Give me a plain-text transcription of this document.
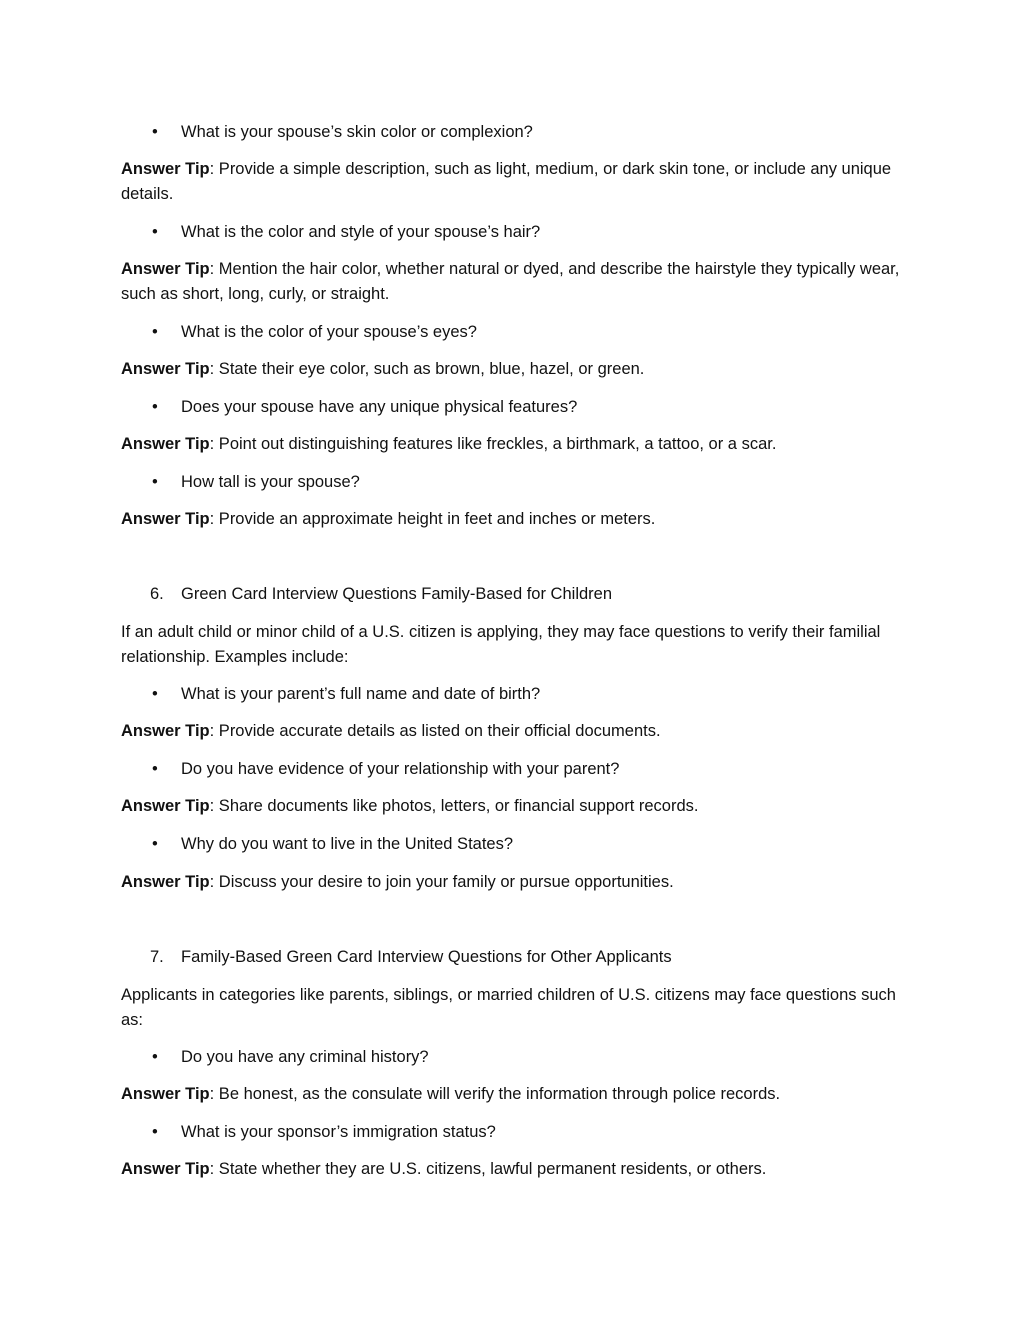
• What is your spouse’s skin color or complexion?

Answer Tip: Provide a simple description, such as light, medium, or dark skin tone, or include any unique details.

• What is the color and style of your spouse’s hair?

Answer Tip: Mention the hair color, whether natural or dyed, and describe the hairstyle they typically wear, such as short, long, curly, or straight.

• What is the color of your spouse’s eyes?

Answer Tip: State their eye color, such as brown, blue, hazel, or green.

• Does your spouse have any unique physical features?

Answer Tip: Point out distinguishing features like freckles, a birthmark, a tattoo, or a scar.

• How tall is your spouse?

Answer Tip: Provide an approximate height in feet and inches or meters.

6. Green Card Interview Questions Family-Based for Children

If an adult child or minor child of a U.S. citizen is applying, they may face questions to verify their familial relationship. Examples include:

• What is your parent’s full name and date of birth?

Answer Tip: Provide accurate details as listed on their official documents.

• Do you have evidence of your relationship with your parent?

Answer Tip: Share documents like photos, letters, or financial support records.

• Why do you want to live in the United States?

Answer Tip: Discuss your desire to join your family or pursue opportunities.

7. Family-Based Green Card Interview Questions for Other Applicants

Applicants in categories like parents, siblings, or married children of U.S. citizens may face questions such as:

• Do you have any criminal history?

Answer Tip: Be honest, as the consulate will verify the information through police records.

• What is your sponsor’s immigration status?

Answer Tip: State whether they are U.S. citizens, lawful permanent residents, or others.
